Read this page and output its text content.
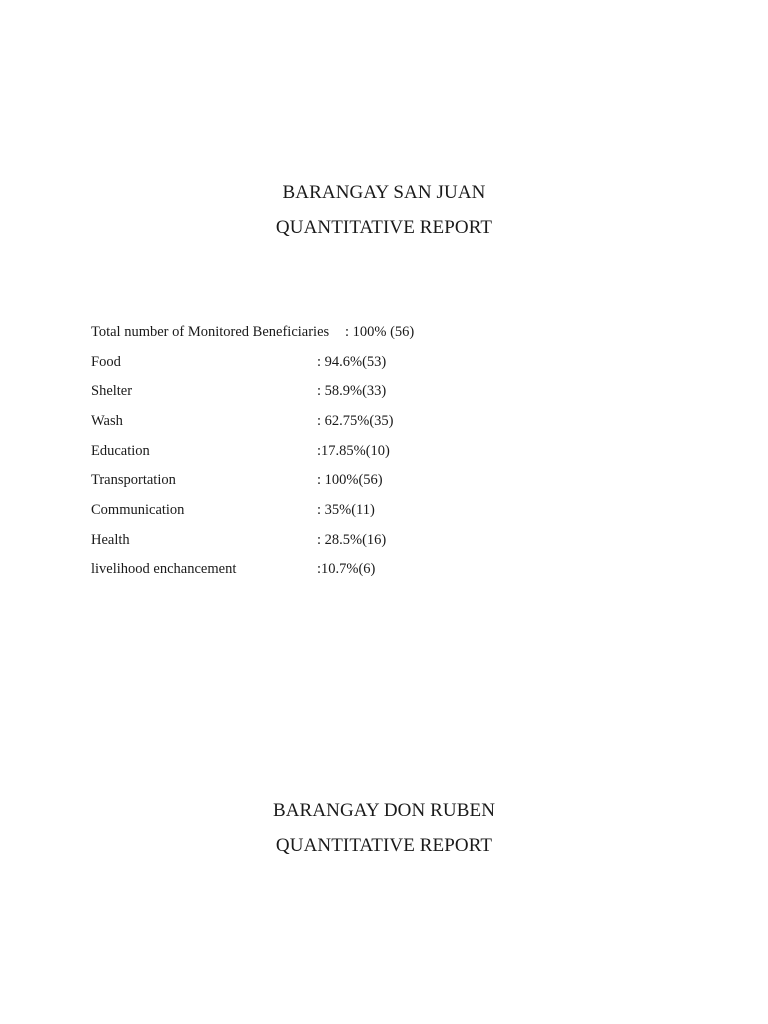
BARANGAY SAN JUAN
QUANTITATIVE REPORT
Total number of Monitored Beneficiaries : 100% (56)
Food	: 94.6%(53)
Shelter	: 58.9%(33)
Wash	: 62.75%(35)
Education	:17.85%(10)
Transportation	: 100%(56)
Communication	: 35%(11)
Health	: 28.5%(16)
livelihood enchancement	:10.7%(6)
BARANGAY DON RUBEN
QUANTITATIVE REPORT
